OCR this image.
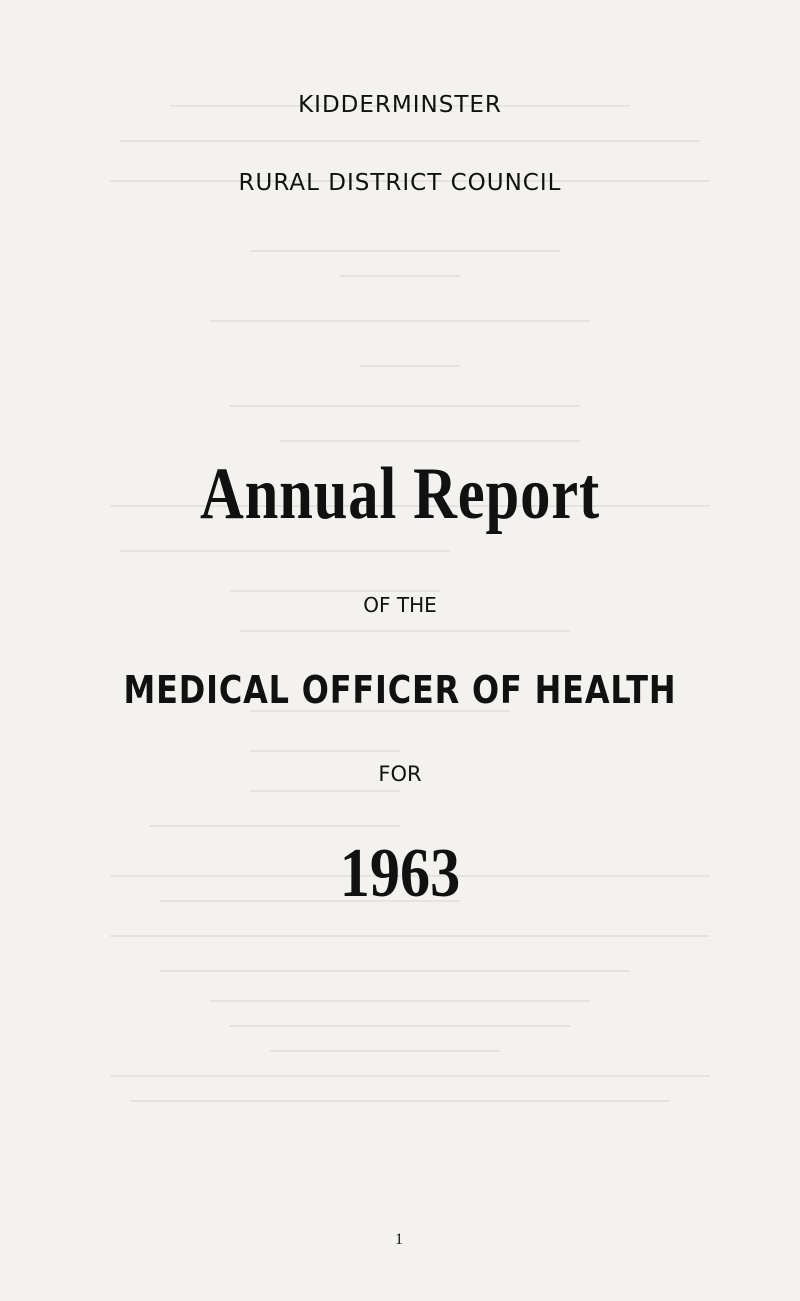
KIDDERMINSTER
RURAL DISTRICT COUNCIL
Annual Report
OF THE
MEDICAL OFFICER OF HEALTH
FOR
1963
1
